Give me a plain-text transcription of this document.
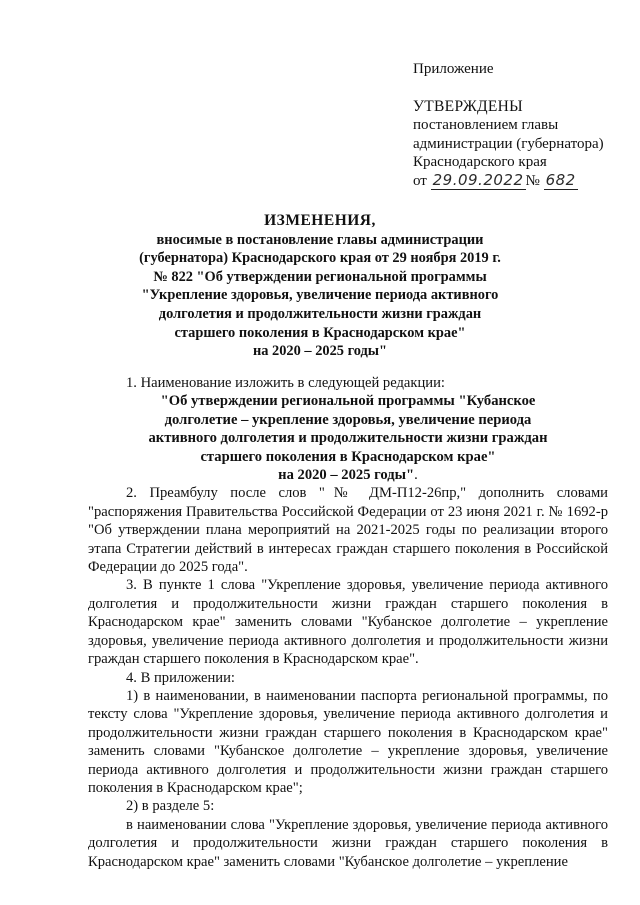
Приложение
УТВЕРЖДЕНЫ
постановлением главы
администрации (губернатора)
Краснодарского края
от 29.09.2022 № 682
ИЗМЕНЕНИЯ,
вносимые в постановление главы администрации
(губернатора) Краснодарского края от 29 ноября 2019 г.
№ 822 "Об утверждении региональной программы
"Укрепление здоровья, увеличение периода активного
долголетия и продолжительности жизни граждан
старшего поколения в Краснодарском крае"
на 2020 – 2025 годы"

1. Наименование изложить в следующей редакции:

"Об утверждении региональной программы "Кубанское
долголетие – укрепление здоровья, увеличение периода
активного долголетия и продолжительности жизни граждан
старшего поколения в Краснодарском крае"
на 2020 – 2025 годы".

2. Преамбулу после слов "№ ДМ-П12-26пр," дополнить словами "распоряжения Правительства Российской Федерации от 23 июня 2021 г. № 1692-р "Об утверждении плана мероприятий на 2021-2025 годы по реализации второго этапа Стратегии действий в интересах граждан старшего поколения в Российской Федерации до 2025 года".

3. В пункте 1 слова "Укрепление здоровья, увеличение периода активного долголетия и продолжительности жизни граждан старшего поколения в Краснодарском крае" заменить словами "Кубанское долголетие – укрепление здоровья, увеличение периода активного долголетия и продолжительности жизни граждан старшего поколения в Краснодарском крае".

4. В приложении:

1) в наименовании, в наименовании паспорта региональной программы, по тексту слова "Укрепление здоровья, увеличение периода активного долголетия и продолжительности жизни граждан старшего поколения в Краснодарском крае" заменить словами "Кубанское долголетие – укрепление здоровья, увеличение периода активного долголетия и продолжительности жизни граждан старшего поколения в Краснодарском крае";

2) в разделе 5:

в наименовании слова "Укрепление здоровья, увеличение периода активного долголетия и продолжительности жизни граждан старшего поколения в Краснодарском крае" заменить словами "Кубанское долголетие – укрепление
